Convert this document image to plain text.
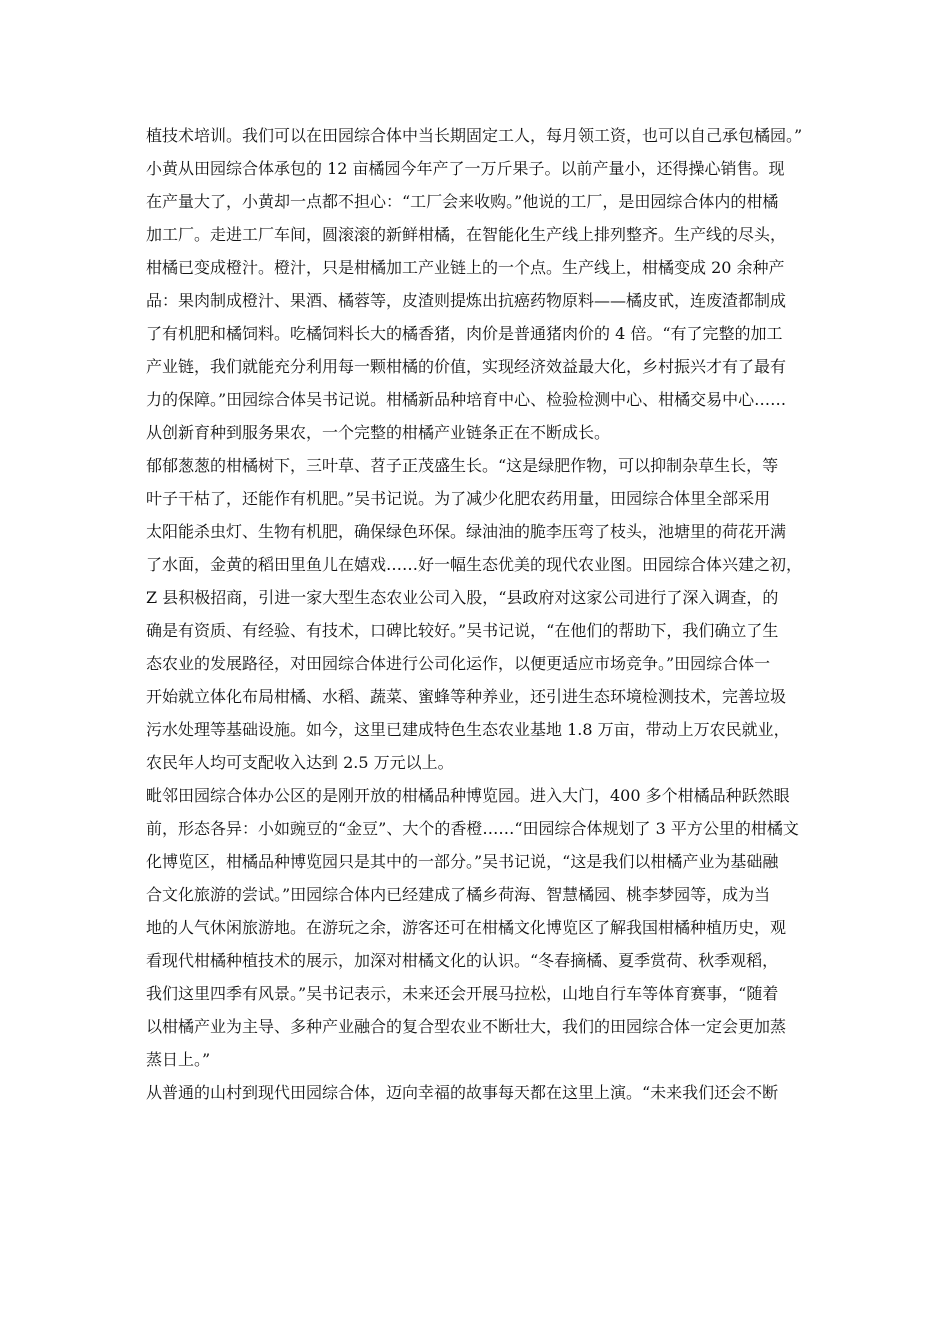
植技术培训。我们可以在田园综合体中当长期固定工人，每月领工资，也可以自己承包橘园。”
小黄从田园综合体承包的 12 亩橘园今年产了一万斤果子。以前产量小，还得操心销售。现
在产量大了，小黄却一点都不担心：“工厂会来收购。”他说的工厂，是田园综合体内的柑橘
加工厂。走进工厂车间，圆滚滚的新鲜柑橘，在智能化生产线上排列整齐。生产线的尽头，
柑橘已变成橙汁。橙汁，只是柑橘加工产业链上的一个点。生产线上，柑橘变成 20 余种产
品：果肉制成橙汁、果酒、橘蓉等，皮渣则提炼出抗癌药物原料——橘皮甙，连废渣都制成
了有机肥和橘饲料。吃橘饲料长大的橘香猪，肉价是普通猪肉价的 4 倍。“有了完整的加工
产业链，我们就能充分利用每一颗柑橘的价值，实现经济效益最大化，乡村振兴才有了最有
力的保障。”田园综合体吴书记说。柑橘新品种培育中心、检验检测中心、柑橘交易中心……
从创新育种到服务果农，一个完整的柑橘产业链条正在不断成长。
郁郁葱葱的柑橘树下，三叶草、苕子正茂盛生长。“这是绿肥作物，可以抑制杂草生长，等
叶子干枯了，还能作有机肥。”吴书记说。为了减少化肥农药用量，田园综合体里全部采用
太阳能杀虫灯、生物有机肥，确保绿色环保。绿油油的脆李压弯了枝头，池塘里的荷花开满
了水面，金黄的稻田里鱼儿在嬉戏……好一幅生态优美的现代农业图。田园综合体兴建之初，
Z 县积极招商，引进一家大型生态农业公司入股，“县政府对这家公司进行了深入调查，的
确是有资质、有经验、有技术，口碑比较好。”吴书记说，“在他们的帮助下，我们确立了生
态农业的发展路径，对田园综合体进行公司化运作，以便更适应市场竞争。”田园综合体一
开始就立体化布局柑橘、水稻、蔬菜、蜜蜂等种养业，还引进生态环境检测技术，完善垃圾
污水处理等基础设施。如今，这里已建成特色生态农业基地 1.8 万亩，带动上万农民就业，
农民年人均可支配收入达到 2.5 万元以上。
毗邻田园综合体办公区的是刚开放的柑橘品种博览园。进入大门，400 多个柑橘品种跃然眼
前，形态各异：小如豌豆的“金豆”、大个的香橙……“田园综合体规划了 3 平方公里的柑橘文
化博览区，柑橘品种博览园只是其中的一部分。”吴书记说，“这是我们以柑橘产业为基础融
合文化旅游的尝试。”田园综合体内已经建成了橘乡荷海、智慧橘园、桃李梦园等，成为当
地的人气休闲旅游地。在游玩之余，游客还可在柑橘文化博览区了解我国柑橘种植历史，观
看现代柑橘种植技术的展示，加深对柑橘文化的认识。“冬春摘橘、夏季赏荷、秋季观稻，
我们这里四季有风景。”吴书记表示，未来还会开展马拉松，山地自行车等体育赛事，“随着
以柑橘产业为主导、多种产业融合的复合型农业不断壮大，我们的田园综合体一定会更加蒸
蒸日上。”
从普通的山村到现代田园综合体，迈向幸福的故事每天都在这里上演。“未来我们还会不断
